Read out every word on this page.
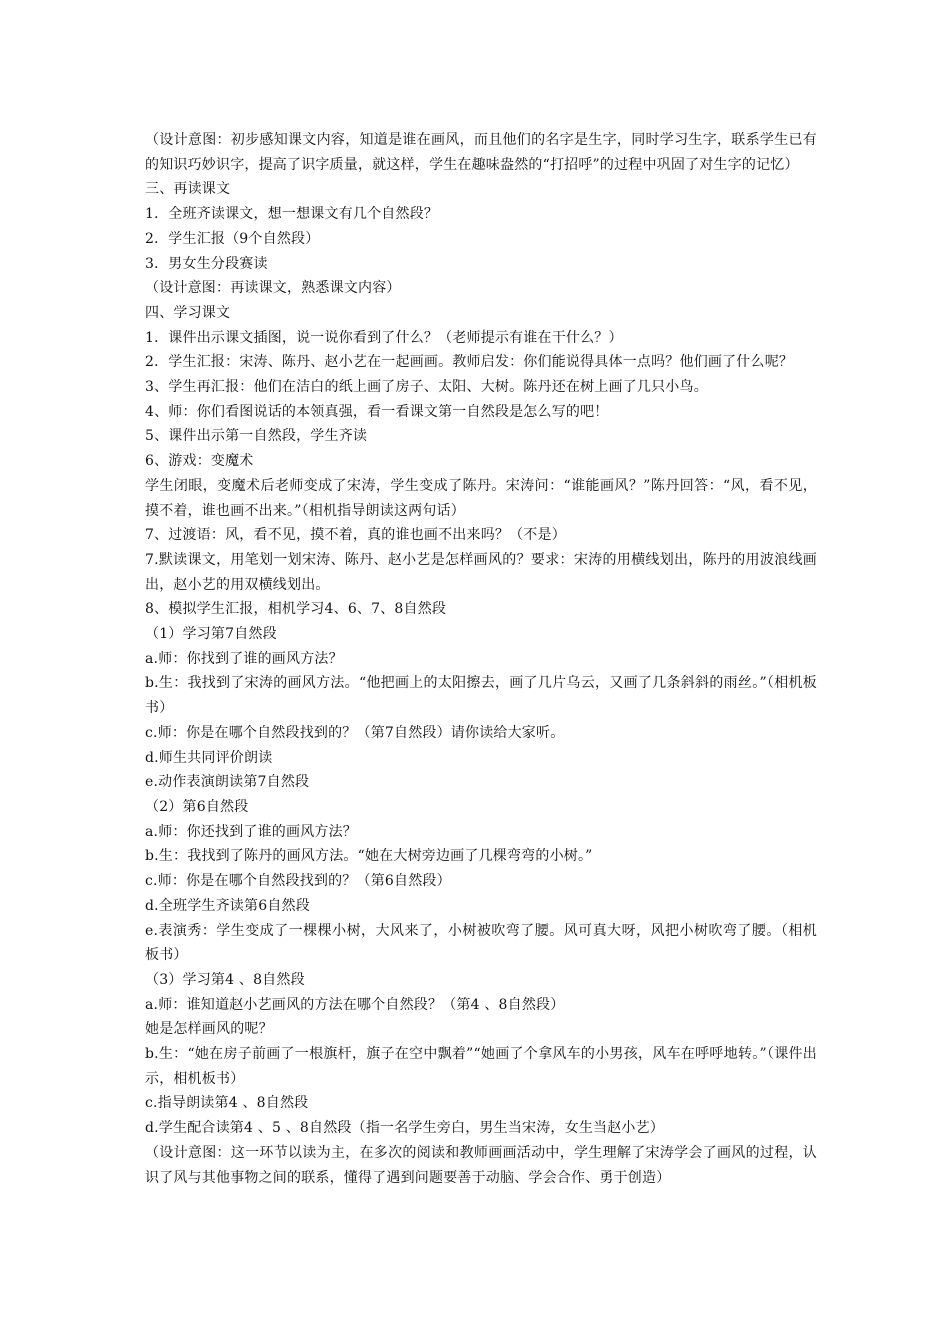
（设计意图：初步感知课文内容，知道是谁在画风，而且他们的名字是生字，同时学习生字，联系学生已有的知识巧妙识字，提高了识字质量，就这样，学生在趣味盎然的“打招呼”的过程中巩固了对生字的记忆）
三、再读课文
1．全班齐读课文，想一想课文有几个自然段？
2．学生汇报（9个自然段）
3．男女生分段赛读
（设计意图：再读课文，熟悉课文内容）
四、学习课文
1．课件出示课文插图，说一说你看到了什么？（老师提示有谁在干什么？）
2．学生汇报：宋涛、陈丹、赵小艺在一起画画。教师启发：你们能说得具体一点吗？他们画了什么呢？
3、学生再汇报：他们在洁白的纸上画了房子、太阳、大树。陈丹还在树上画了几只小鸟。
4、师：你们看图说话的本领真强，看一看课文第一自然段是怎么写的吧！
5、课件出示第一自然段，学生齐读
6、游戏：变魔术
学生闭眼，变魔术后老师变成了宋涛，学生变成了陈丹。宋涛问：“谁能画风？”陈丹回答：“风，看不见，摸不着，谁也画不出来。”（相机指导朗读这两句话）
7、过渡语：风，看不见，摸不着，真的谁也画不出来吗？（不是）
7.默读课文，用笔划一划宋涛、陈丹、赵小艺是怎样画风的？要求：宋涛的用横线划出，陈丹的用波浪线画出，赵小艺的用双横线划出。
8、模拟学生汇报，相机学习4、6、7、8自然段
（1）学习第7自然段
a.师：你找到了谁的画风方法？
b.生：我找到了宋涛的画风方法。“他把画上的太阳擦去，画了几片乌云，又画了几条斜斜的雨丝。”（相机板书）
c.师：你是在哪个自然段找到的？（第7自然段）请你读给大家听。
d.师生共同评价朗读
e.动作表演朗读第7自然段
（2）第6自然段
a.师：你还找到了谁的画风方法？
b.生：我找到了陈丹的画风方法。“她在大树旁边画了几棵弯弯的小树。”
c.师：你是在哪个自然段找到的？（第6自然段）
d.全班学生齐读第6自然段
e.表演秀：学生变成了一棵棵小树，大风来了，小树被吹弯了腰。风可真大呀，风把小树吹弯了腰。（相机板书）
（3）学习第4 、8自然段
a.师：谁知道赵小艺画风的方法在哪个自然段？（第4 、8自然段）
她是怎样画风的呢？
b.生：“她在房子前画了一根旗杆，旗子在空中飘着”“她画了个拿风车的小男孩，风车在呼呼地转。”（课件出示，相机板书）
c.指导朗读第4 、8自然段
d.学生配合读第4 、5 、8自然段（指一名学生旁白，男生当宋涛，女生当赵小艺）
（设计意图：这一环节以读为主，在多次的阅读和教师画画活动中，学生理解了宋涛学会了画风的过程，认识了风与其他事物之间的联系，懂得了遇到问题要善于动脑、学会合作、勇于创造）
